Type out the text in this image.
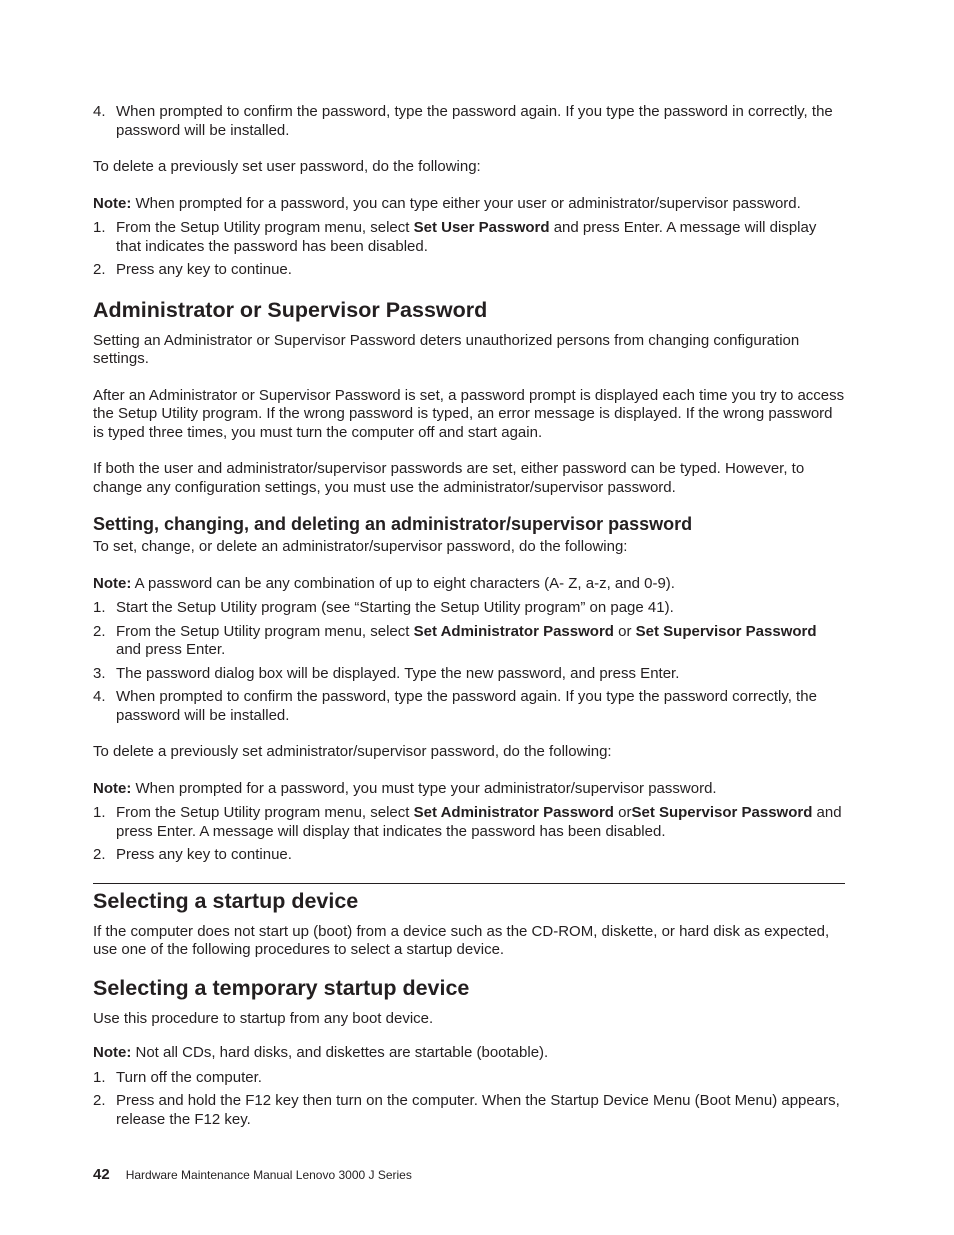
4. When prompted to confirm the password, type the password again. If you type the password in correctly, the password will be installed.

To delete a previously set user password, do the following:

Note: When prompted for a password, you can type either your user or administrator/supervisor password.

1. From the Setup Utility program menu, select Set User Password and press Enter. A message will display that indicates the password has been disabled.
2. Press any key to continue.
Administrator or Supervisor Password

Setting an Administrator or Supervisor Password deters unauthorized persons from changing configuration settings.

After an Administrator or Supervisor Password is set, a password prompt is displayed each time you try to access the Setup Utility program. If the wrong password is typed, an error message is displayed. If the wrong password is typed three times, you must turn the computer off and start again.

If both the user and administrator/supervisor passwords are set, either password can be typed. However, to change any configuration settings, you must use the administrator/supervisor password.

Setting, changing, and deleting an administrator/supervisor password

To set, change, or delete an administrator/supervisor password, do the following:

Note: A password can be any combination of up to eight characters (A- Z, a-z, and 0-9).

1. Start the Setup Utility program (see “Starting the Setup Utility program” on page 41).
2. From the Setup Utility program menu, select Set Administrator Password or Set Supervisor Password and press Enter.
3. The password dialog box will be displayed. Type the new password, and press Enter.
4. When prompted to confirm the password, type the password again. If you type the password correctly, the password will be installed.

To delete a previously set administrator/supervisor password, do the following:

Note: When prompted for a password, you must type your administrator/supervisor password.

1. From the Setup Utility program menu, select Set Administrator Password orSet Supervisor Password and press Enter. A message will display that indicates the password has been disabled.
2. Press any key to continue.
Selecting a startup device

If the computer does not start up (boot) from a device such as the CD-ROM, diskette, or hard disk as expected, use one of the following procedures to select a startup device.

Selecting a temporary startup device

Use this procedure to startup from any boot device.

Note: Not all CDs, hard disks, and diskettes are startable (bootable).

1. Turn off the computer.
2. Press and hold the F12 key then turn on the computer. When the Startup Device Menu (Boot Menu) appears, release the F12 key.
42 Hardware Maintenance Manual Lenovo 3000 J Series
